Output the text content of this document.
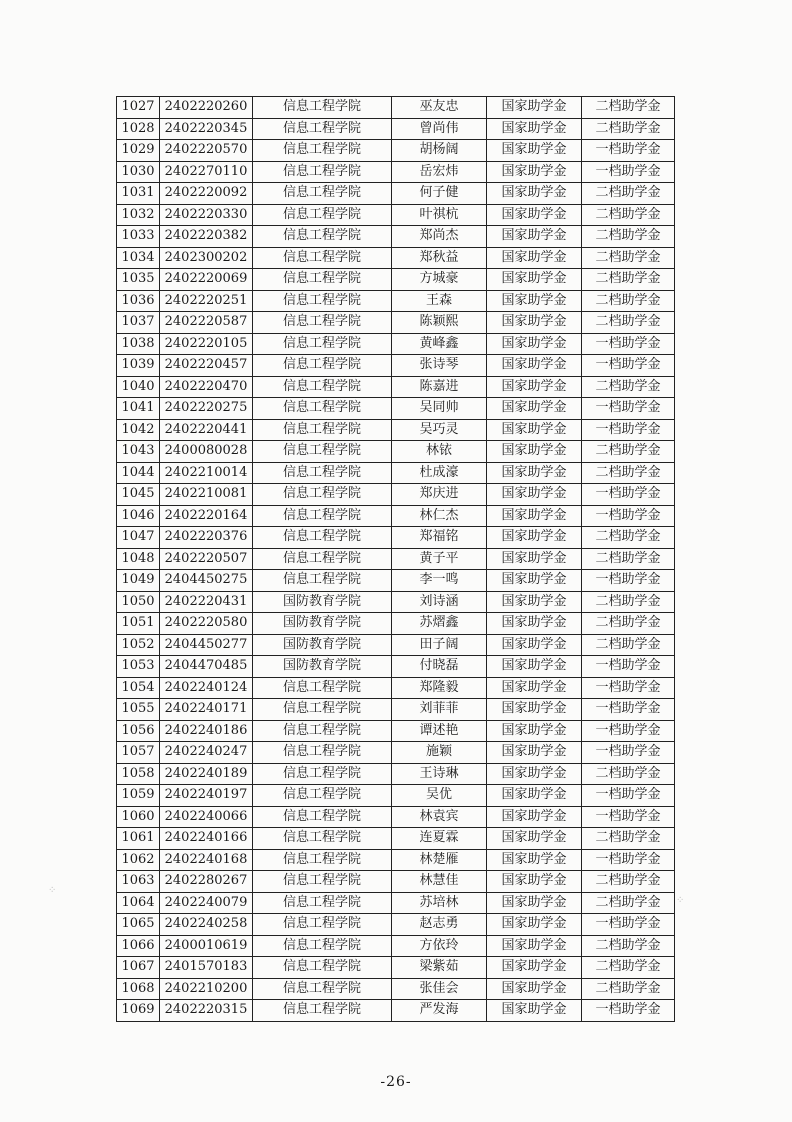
1027	2402220260	信息工程学院	巫友忠	国家助学金	二档助学金
1028	2402220345	信息工程学院	曾尚伟	国家助学金	二档助学金
1029	2402220570	信息工程学院	胡杨阔	国家助学金	一档助学金
1030	2402270110	信息工程学院	岳宏炜	国家助学金	一档助学金
1031	2402220092	信息工程学院	何子健	国家助学金	二档助学金
1032	2402220330	信息工程学院	叶祺杭	国家助学金	二档助学金
1033	2402220382	信息工程学院	郑尚杰	国家助学金	二档助学金
1034	2402300202	信息工程学院	郑秋益	国家助学金	二档助学金
1035	2402220069	信息工程学院	方城豪	国家助学金	二档助学金
1036	2402220251	信息工程学院	王森	国家助学金	二档助学金
1037	2402220587	信息工程学院	陈颖熙	国家助学金	二档助学金
1038	2402220105	信息工程学院	黄峰鑫	国家助学金	一档助学金
1039	2402220457	信息工程学院	张诗琴	国家助学金	一档助学金
1040	2402220470	信息工程学院	陈嘉进	国家助学金	二档助学金
1041	2402220275	信息工程学院	吴同帅	国家助学金	一档助学金
1042	2402220441	信息工程学院	吴巧灵	国家助学金	一档助学金
1043	2400080028	信息工程学院	林铱	国家助学金	二档助学金
1044	2402210014	信息工程学院	杜成濠	国家助学金	二档助学金
1045	2402210081	信息工程学院	郑庆进	国家助学金	一档助学金
1046	2402220164	信息工程学院	林仁杰	国家助学金	一档助学金
1047	2402220376	信息工程学院	郑福铭	国家助学金	二档助学金
1048	2402220507	信息工程学院	黄子平	国家助学金	二档助学金
1049	2404450275	信息工程学院	李一鸣	国家助学金	一档助学金
1050	2402220431	国防教育学院	刘诗涵	国家助学金	二档助学金
1051	2402220580	国防教育学院	苏熠鑫	国家助学金	二档助学金
1052	2404450277	国防教育学院	田子阔	国家助学金	二档助学金
1053	2404470485	国防教育学院	付晓磊	国家助学金	一档助学金
1054	2402240124	信息工程学院	郑隆毅	国家助学金	一档助学金
1055	2402240171	信息工程学院	刘菲菲	国家助学金	一档助学金
1056	2402240186	信息工程学院	谭述艳	国家助学金	一档助学金
1057	2402240247	信息工程学院	施颖	国家助学金	一档助学金
1058	2402240189	信息工程学院	王诗琳	国家助学金	二档助学金
1059	2402240197	信息工程学院	吴优	国家助学金	一档助学金
1060	2402240066	信息工程学院	林袁宾	国家助学金	一档助学金
1061	2402240166	信息工程学院	连夏霖	国家助学金	二档助学金
1062	2402240168	信息工程学院	林楚雁	国家助学金	一档助学金
1063	2402280267	信息工程学院	林慧佳	国家助学金	二档助学金
1064	2402240079	信息工程学院	苏培林	国家助学金	二档助学金
1065	2402240258	信息工程学院	赵志勇	国家助学金	一档助学金
1066	2400010619	信息工程学院	方依玲	国家助学金	二档助学金
1067	2401570183	信息工程学院	梁紫茹	国家助学金	二档助学金
1068	2402210200	信息工程学院	张佳会	国家助学金	二档助学金
1069	2402220315	信息工程学院	严发海	国家助学金	一档助学金
⁘
⁘
-26-
